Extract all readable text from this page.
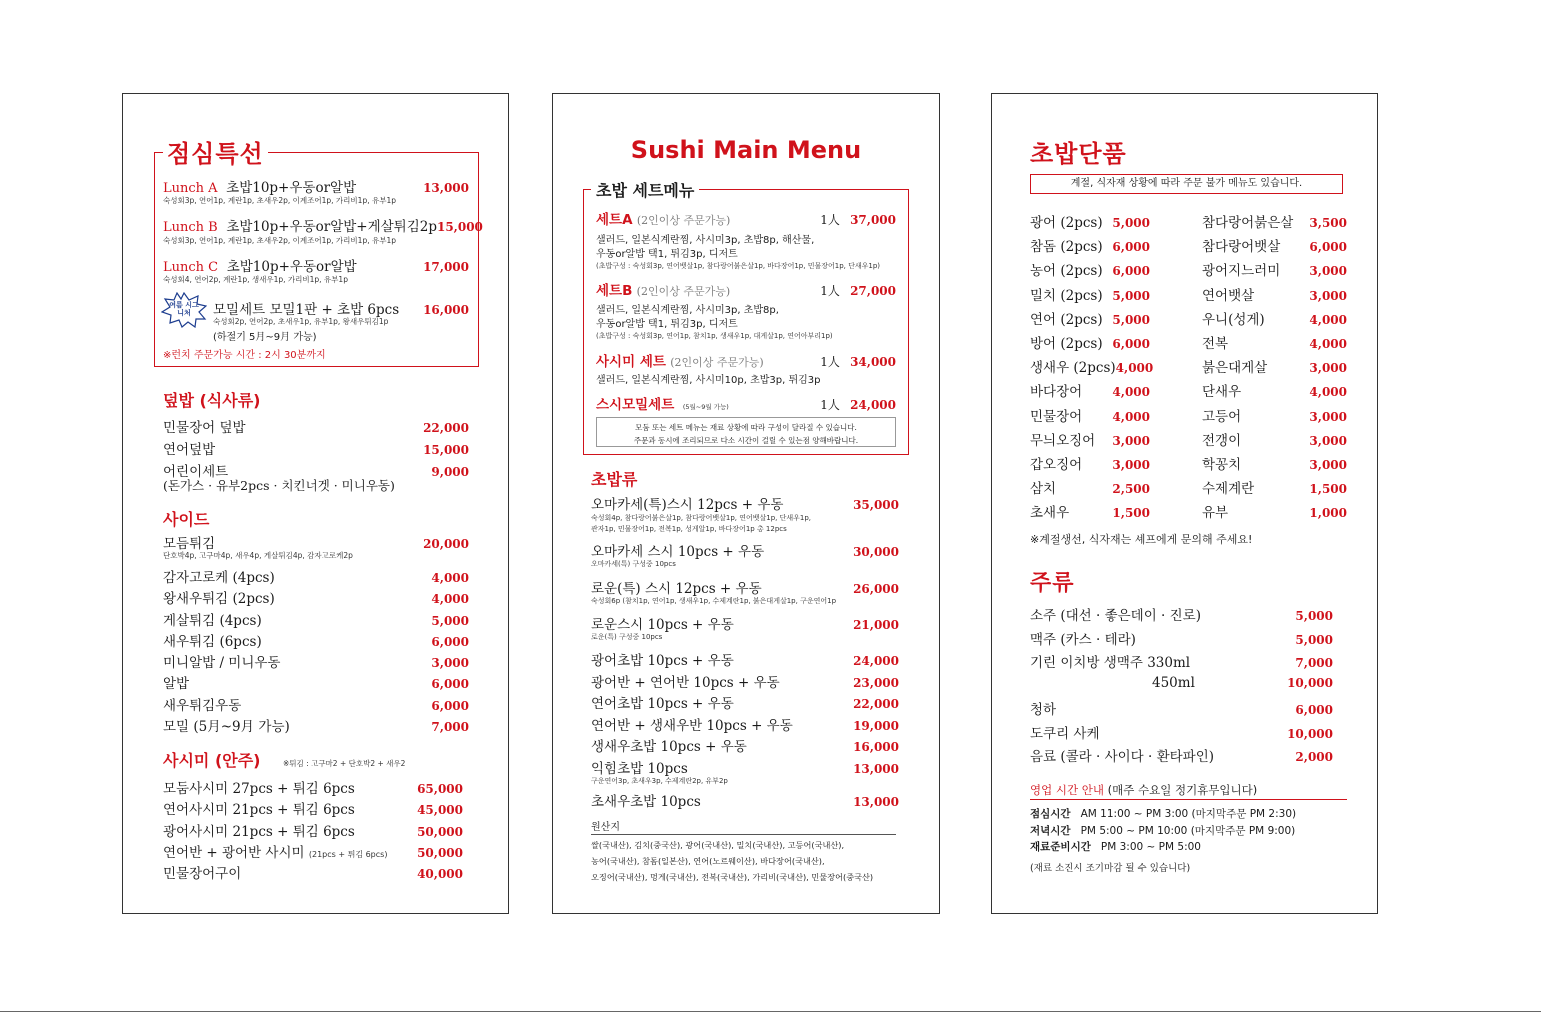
점심특선
Lunch A 초밥10p+우동or알밥	13,000
숙성회3p, 연어1p, 계란1p, 초새우2p, 이계조어1p, 가리비1p, 유부1p
Lunch B 초밥10p+우동or알밥+게살튀김2p 15,000
숙성회3p, 연어1p, 계란1p, 초새우2p, 이계조어1p, 가리비1p, 유부1p
Lunch C 초밥10p+우동or알밥	17,000
숙성회4, 연어2p, 계란1p, 생새우1p, 가리비1p, 유부1p
여름 시그니처	모밀세트 모밀1판 + 초밥 6pcs 16,000
숙성회2p, 연어2p, 초새우1p, 유부1p, 왕새우튀김1p
(하절기 5月~9月 가능)
※런치 주문가능 시간 : 2시 30분까지
덮밥 (식사류)
민물장어 덮밥	22,000
연어덮밥	15,000
어린이세트	9,000
(돈가스 · 유부2pcs · 치킨너겟 · 미니우동)
사이드
모듬튀김	20,000
단호박4p, 고구마4p, 새우4p, 게살튀김4p, 감자고로케2p
감자고로케 (4pcs)	4,000
왕새우튀김 (2pcs)	4,000
게살튀김 (4pcs)	5,000
새우튀김 (6pcs)	6,000
미니알밥 / 미니우동	3,000
알밥	6,000
새우튀김우동	6,000
모밀 (5月~9月 가능)	7,000
사시미 (안주)	※튀김 : 고구마2 + 단호박2 + 새우2
모둠사시미 27pcs + 튀김 6pcs	65,000
연어사시미 21pcs + 튀김 6pcs	45,000
광어사시미 21pcs + 튀김 6pcs	50,000
연어반 + 광어반 사시미 (21pcs + 튀김 6pcs) 50,000
민물장어구이	40,000
Sushi Main Menu
초밥 세트메뉴
세트A (2인이상 주문가능)	1人 37,000
샐러드, 일본식계란찜, 사시미3p, 초밥8p, 해산물,
우동or알밥 택1, 튀김3p, 디저트
(초밥구성 : 숙성회3p, 연어뱃살1p, 참다랑어붉은살1p, 바다장어1p, 민물장어1p, 단새우1p)
세트B (2인이상 주문가능)	1人 27,000
샐러드, 일본식계란찜, 사시미3p, 초밥8p,
우동or알밥 택1, 튀김3p, 디저트
(초밥구성 : 숙성회3p, 연어1p, 참치1p, 생새우1p, 대게살1p, 연어아부리1p)
사시미 세트 (2인이상 주문가능)	1人 34,000
샐러드, 일본식계란찜, 사시미10p, 초밥3p, 튀김3p
스시모밀세트 (5월~9월 가능)	1人 24,000
모둠 또는 세트 메뉴는 재료 상황에 따라 구성이 달라질 수 있습니다.
주문과 동시에 조리되므로 다소 시간이 걸릴 수 있는점 양해바랍니다.
초밥류
오마카세(특)스시 12pcs + 우동	35,000
숙성회4p, 참다랑어붉은살1p, 참다랑어뱃살1p, 연어뱃살1p, 단새우1p,
관자1p, 민물장어1p, 전복1p, 성게알1p, 바다장어1p 총 12pcs
오마카세 스시 10pcs + 우동	30,000
오마카세(특) 구성중 10pcs
로운(특) 스시 12pcs + 우동	26,000
숙성회6p (참치1p, 연어1p, 생새우1p, 수제계란1p, 붉은대게살1p, 구운연어1p
로운스시 10pcs + 우동	21,000
로운(특) 구성중 10pcs
광어초밥 10pcs + 우동	24,000
광어반 + 연어반 10pcs + 우동	23,000
연어초밥 10pcs + 우동	22,000
연어반 + 생새우반 10pcs + 우동	19,000
생새우초밥 10pcs + 우동	16,000
익힘초밥 10pcs	13,000
구운연어3p, 초새우3p, 수제계란2p, 유부2p
초새우초밥 10pcs	13,000
원산지
쌀(국내산), 김치(중국산), 광어(국내산), 밀치(국내산), 고등어(국내산),
농어(국내산), 참돔(일본산), 연어(노르웨이산), 바다장어(국내산),
오징어(국내산), 멍게(국내산), 전복(국내산), 가리비(국내산), 민물장어(중국산)
초밥단품
계절, 식자재 상황에 따라 주문 불가 메뉴도 있습니다.
광어 (2pcs) 5,000
참돔 (2pcs) 6,000
농어 (2pcs) 6,000
밀치 (2pcs) 5,000
연어 (2pcs) 5,000
방어 (2pcs) 6,000
생새우 (2pcs) 4,000
바다장어	4,000
민물장어	4,000
무늬오징어 3,000
갑오징어	3,000
삼치	2,500
초새우	1,500
참다랑어붉은살 3,500
참다랑어뱃살 6,000
광어지느러미 3,000
연어뱃살	3,000
우니(성게)	4,000
전복	4,000
붉은대게살	3,000
단새우	4,000
고등어	3,000
전갱이	3,000
학꽁치	3,000
수제계란	1,500
유부	1,000
※계절생선, 식자재는 셰프에게 문의해 주세요!
주류
소주 (대선 · 좋은데이 · 진로)	5,000
맥주 (카스 · 테라)	5,000
기린 이치방 생맥주 330ml	7,000
450ml	10,000
청하	6,000
도쿠리 사케	10,000
음료 (콜라 · 사이다 · 환타파인)	2,000
영업 시간 안내 (매주 수요일 정기휴무입니다)
점심시간 AM 11:00 ~ PM 3:00 (마지막주문 PM 2:30)
저녁시간 PM 5:00 ~ PM 10:00 (마지막주문 PM 9:00)
재료준비시간 PM 3:00 ~ PM 5:00
(재료 소진시 조기마감 될 수 있습니다)
